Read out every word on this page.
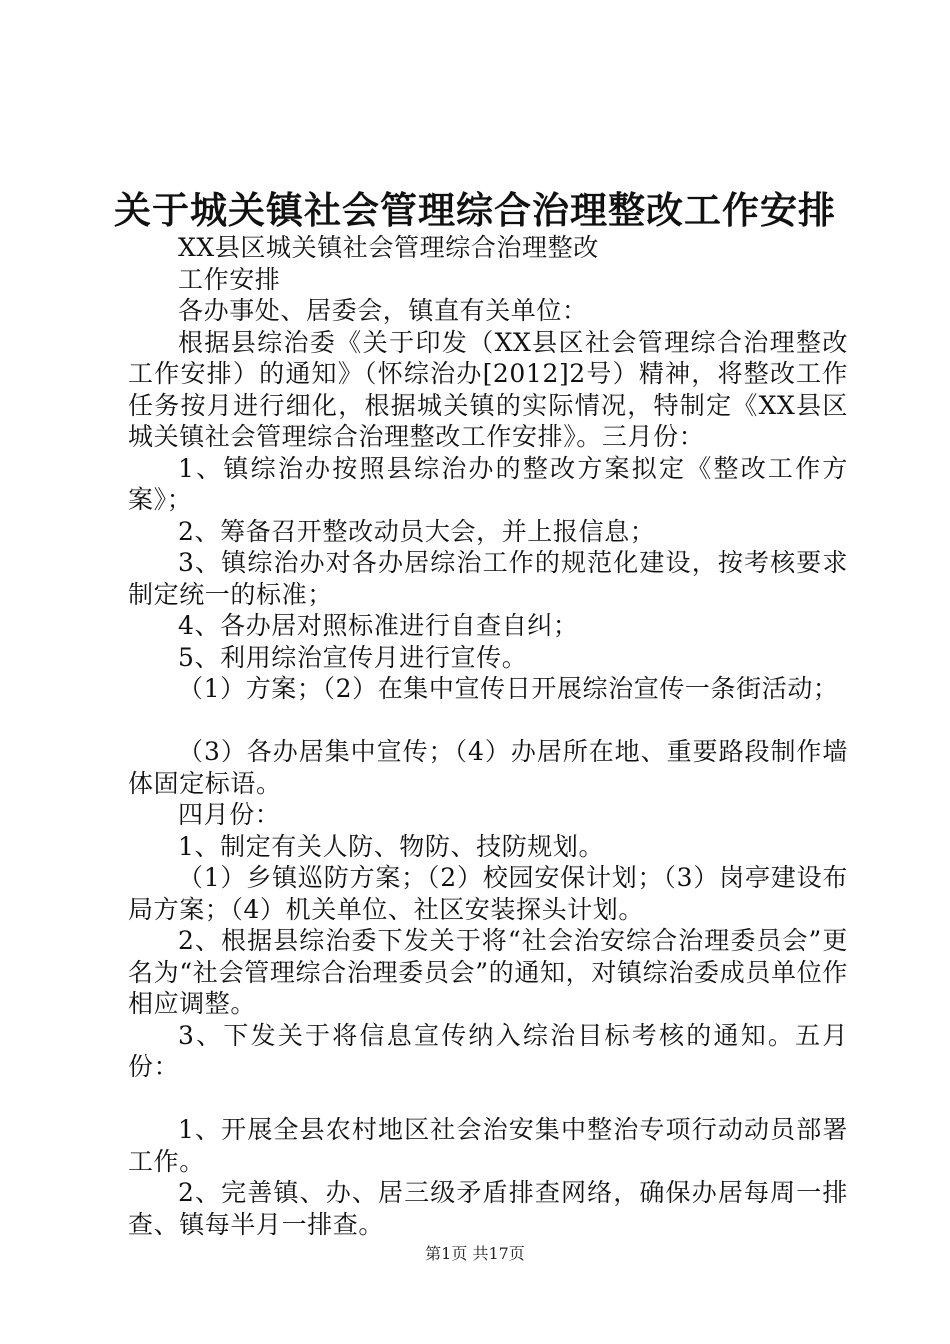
关于城关镇社会管理综合治理整改工作安排

XX县区城关镇社会管理综合治理整改

工作安排

各办事处、居委会，镇直有关单位：

根据县综治委《关于印发（XX县区社会管理综合治理整改工作安排）的通知》（怀综治办[2012]2号）精神，将整改工作任务按月进行细化，根据城关镇的实际情况，特制定《XX县区城关镇社会管理综合治理整改工作安排》。三月份：

1、镇综治办按照县综治办的整改方案拟定《整改工作方案》；

2、筹备召开整改动员大会，并上报信息；

3、镇综治办对各办居综治工作的规范化建设，按考核要求制定统一的标准；

4、各办居对照标准进行自查自纠；

5、利用综治宣传月进行宣传。

（1）方案；（2）在集中宣传日开展综治宣传一条街活动；

（3）各办居集中宣传；（4）办居所在地、重要路段制作墙体固定标语。

四月份：

1、制定有关人防、物防、技防规划。

（1）乡镇巡防方案；（2）校园安保计划；（3）岗亭建设布局方案；（4）机关单位、社区安装探头计划。

2、根据县综治委下发关于将“社会治安综合治理委员会”更名为“社会管理综合治理委员会”的通知，对镇综治委成员单位作相应调整。

3、下发关于将信息宣传纳入综治目标考核的通知。五月份：

1、开展全县农村地区社会治安集中整治专项行动动员部署工作。

2、完善镇、办、居三级矛盾排查网络，确保办居每周一排查、镇每半月一排查。

第1页 共17页
